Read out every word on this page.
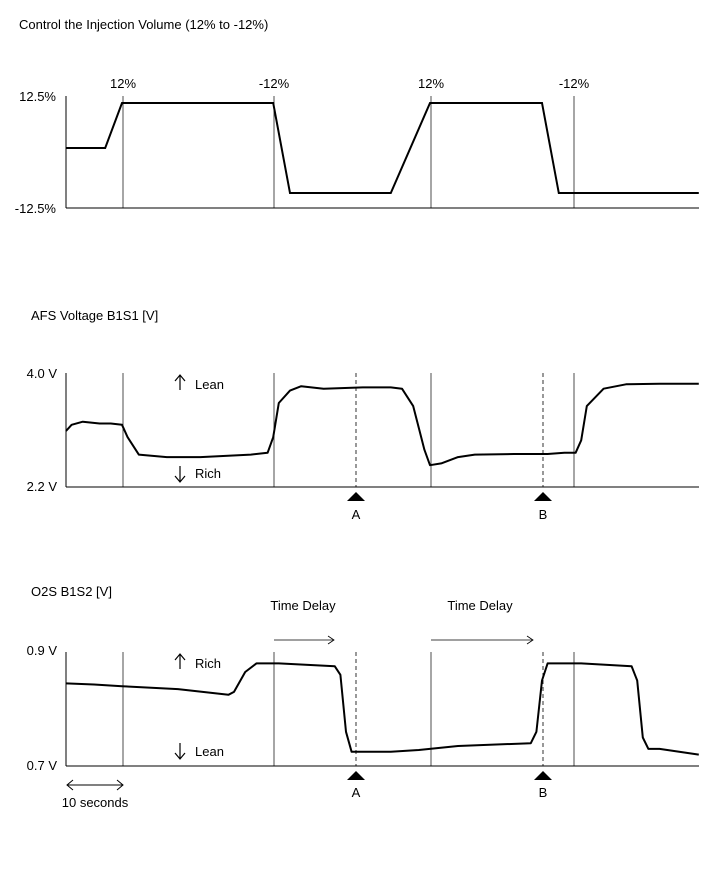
Control the Injection Volume (12% to -12%)
12.5%
-12.5%
12%	-12%	12%	-12%
AFS Voltage B1S1 [V]
4.0 V
2.2 V
Lean
Rich
A	B
O2S B1S2 [V]
Time Delay	Time Delay
0.9 V
0.7 V
Rich
Lean
A	B
10 seconds
